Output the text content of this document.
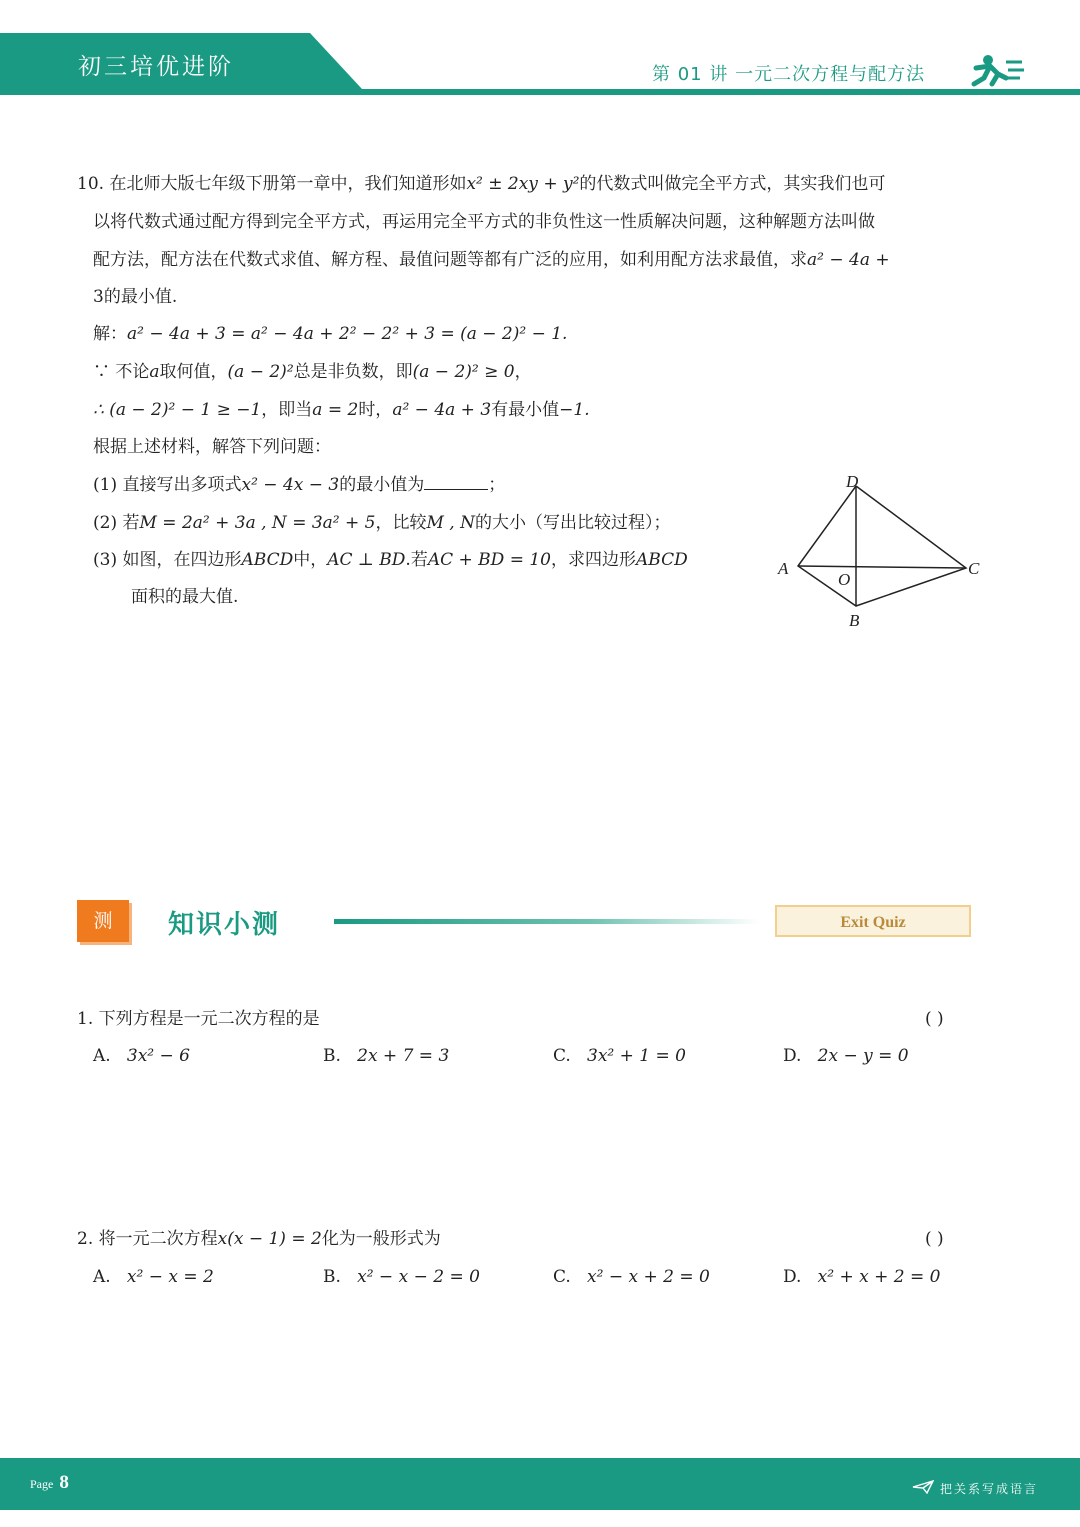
初三培优进阶	第 01 讲 一元二次方程与配方法
10. 在北师大版七年级下册第一章中，我们知道形如x² ± 2xy + y²的代数式叫做完全平方式，其实我们也可
以将代数式通过配方得到完全平方式，再运用完全平方式的非负性这一性质解决问题，这种解题方法叫做
配方法，配方法在代数式求值、解方程、最值问题等都有广泛的应用，如利用配方法求最值，求a² − 4a +
3的最小值.
解：a² − 4a + 3 = a² − 4a + 2² − 2² + 3 = (a − 2)² − 1.
∵ 不论a取何值，(a − 2)²总是非负数，即(a − 2)² ≥ 0，
∴ (a − 2)² − 1 ≥ −1，即当a = 2时，a² − 4a + 3有最小值−1.
根据上述材料，解答下列问题：
(1) 直接写出多项式x² − 4x − 3的最小值为	；
(2) 若M = 2a² + 3a , N = 3a² + 5，比较M , N的大小（写出比较过程）；
(3) 如图，在四边形ABCD中，AC ⊥ BD.若AC + BD = 10，求四边形ABCD
面积的最大值.
D
A	C
O
B
测	知识小测	Exit Quiz
1. 下列方程是一元二次方程的是	( )
A. 3x² − 6	B. 2x + 7 = 3	C. 3x² + 1 = 0	D. 2x − y = 0
2. 将一元二次方程x(x − 1) = 2化为一般形式为	( )
A. x² − x = 2	B. x² − x − 2 = 0	C. x² − x + 2 = 0	D. x² + x + 2 = 0
Page 8	把关系写成语言
